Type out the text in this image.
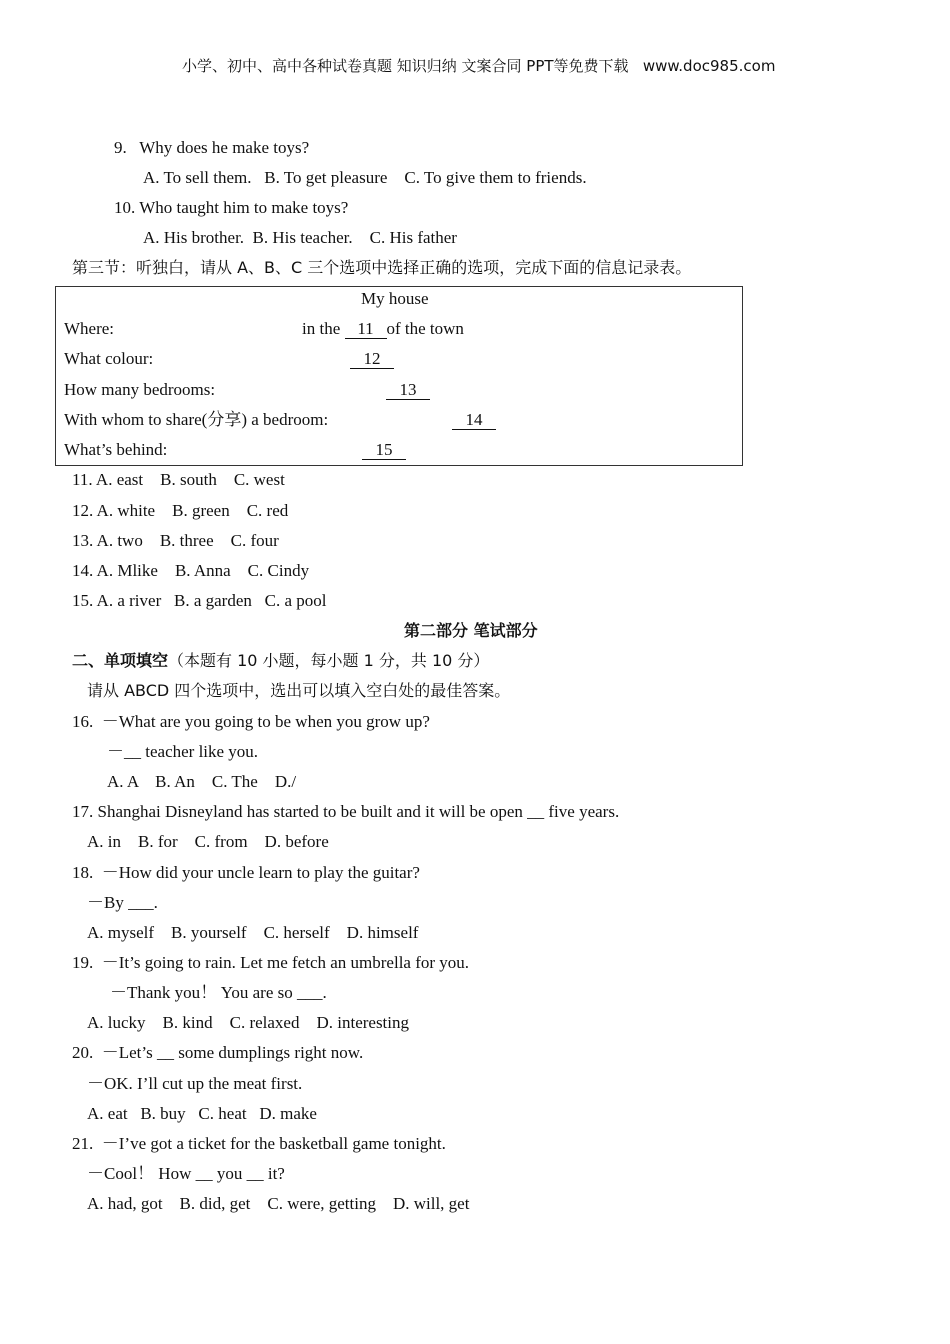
小学、初中、高中各种试卷真题 知识归纳 文案合同 PPT等免费下载   www.doc985.com
9.   Why does he make toys?
A. To sell them.   B. To get pleasure    C. To give them to friends.
10. Who taught him to make toys?
A. His brother.  B. His teacher.    C. His father
第三节：听独白，请从 A、B、C 三个选项中选择正确的选项，完成下面的信息记录表。
My house
Where:	in the 11 of the town
What colour:	12
How many bedrooms:	13
With whom to share(分享) a bedroom:	14
What’s behind:	15
11. A. east    B. south    C. west
12. A. white    B. green    C. red
13. A. two    B. three    C. four
14. A. Mlike    B. Anna    C. Cindy
15. A. a river   B. a garden   C. a pool
第二部分 笔试部分
二、单项填空（本题有 10 小题，每小题 1 分，共 10 分）
请从 ABCD 四个选项中，选出可以填入空白处的最佳答案。
16.  －What are you going to be when you grow up?
－__ teacher like you.
A. A    B. An    C. The    D./
17. Shanghai Disneyland has started to be built and it will be open __ five years.
A. in    B. for    C. from    D. before
18.  －How did your uncle learn to play the guitar?
－By ___.
A. myself    B. yourself    C. herself    D. himself
19.  －It’s going to rain. Let me fetch an umbrella for you.
－Thank you！ You are so ___.
A. lucky    B. kind    C. relaxed    D. interesting
20.  －Let’s __ some dumplings right now.
－OK. I’ll cut up the meat first.
A. eat   B. buy   C. heat   D. make
21.  －I’ve got a ticket for the basketball game tonight.
－Cool！ How __ you __ it?
A. had, got    B. did, get    C. were, getting    D. will, get
